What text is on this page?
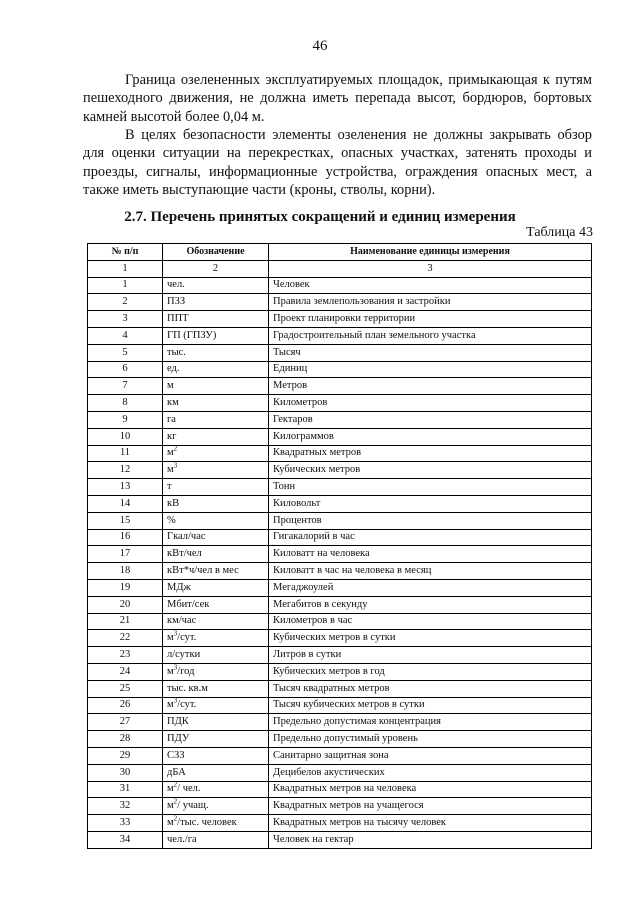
46

Граница озелененных эксплуатируемых площадок, примыкающая к путям пешеходного движения, не должна иметь перепада высот, бордюров, бортовых камней высотой более 0,04 м.

В целях безопасности элементы озеленения не должны закрывать обзор для оценки ситуации на перекрестках, опасных участках, затенять проходы и проезды, сигналы, информационные устройства, ограждения опасных мест, а также иметь выступающие части (кроны, стволы, корни).

2.7. Перечень принятых сокращений и единиц измерения
Таблица 43
№ п/п	Обозначение	Наименование единицы измерения
1	2	3
1	чел.	Человек
2	ПЗЗ	Правила землепользования и застройки
3	ППТ	Проект планировки территории
4	ГП (ГПЗУ)	Градостроительный план земельного участка
5	тыс.	Тысяч
6	ед.	Единиц
7	м	Метров
8	км	Километров
9	га	Гектаров
10	кг	Килограммов
11	$м^2$	Квадратных метров
12	$м^3$	Кубических метров
13	т	Тонн
14	кВ	Киловольт
15	%	Процентов
16	Гкал/час	Гигакалорий в час
17	кВт/чел	Киловатт на человека
18	кВт*ч/чел в мес	Киловатт в час на человека в месяц
19	МДж	Мегаджоулей
20	Мбит/сек	Мегабитов в секунду
21	км/час	Километров в час
22	$м^3$/сут.	Кубических метров в сутки
23	л/сутки	Литров в сутки
24	$м^3$/год	Кубических метров в год
25	тыс. кв.м	Тысяч квадратных метров
26	$м^3$/сут.	Тысяч кубических метров в сутки
27	ПДК	Предельно допустимая концентрация
28	ПДУ	Предельно допустимый уровень
29	СЗЗ	Санитарно защитная зона
30	дБА	Децибелов акустических
31	$м^2/$ чел.	Квадратных метров на человека
32	$м^2/$ учащ.	Квадратных метров на учащегося
33	$м^2$/тыс. человек	Квадратных метров на тысячу человек
34	чел./га	Человек на гектар
